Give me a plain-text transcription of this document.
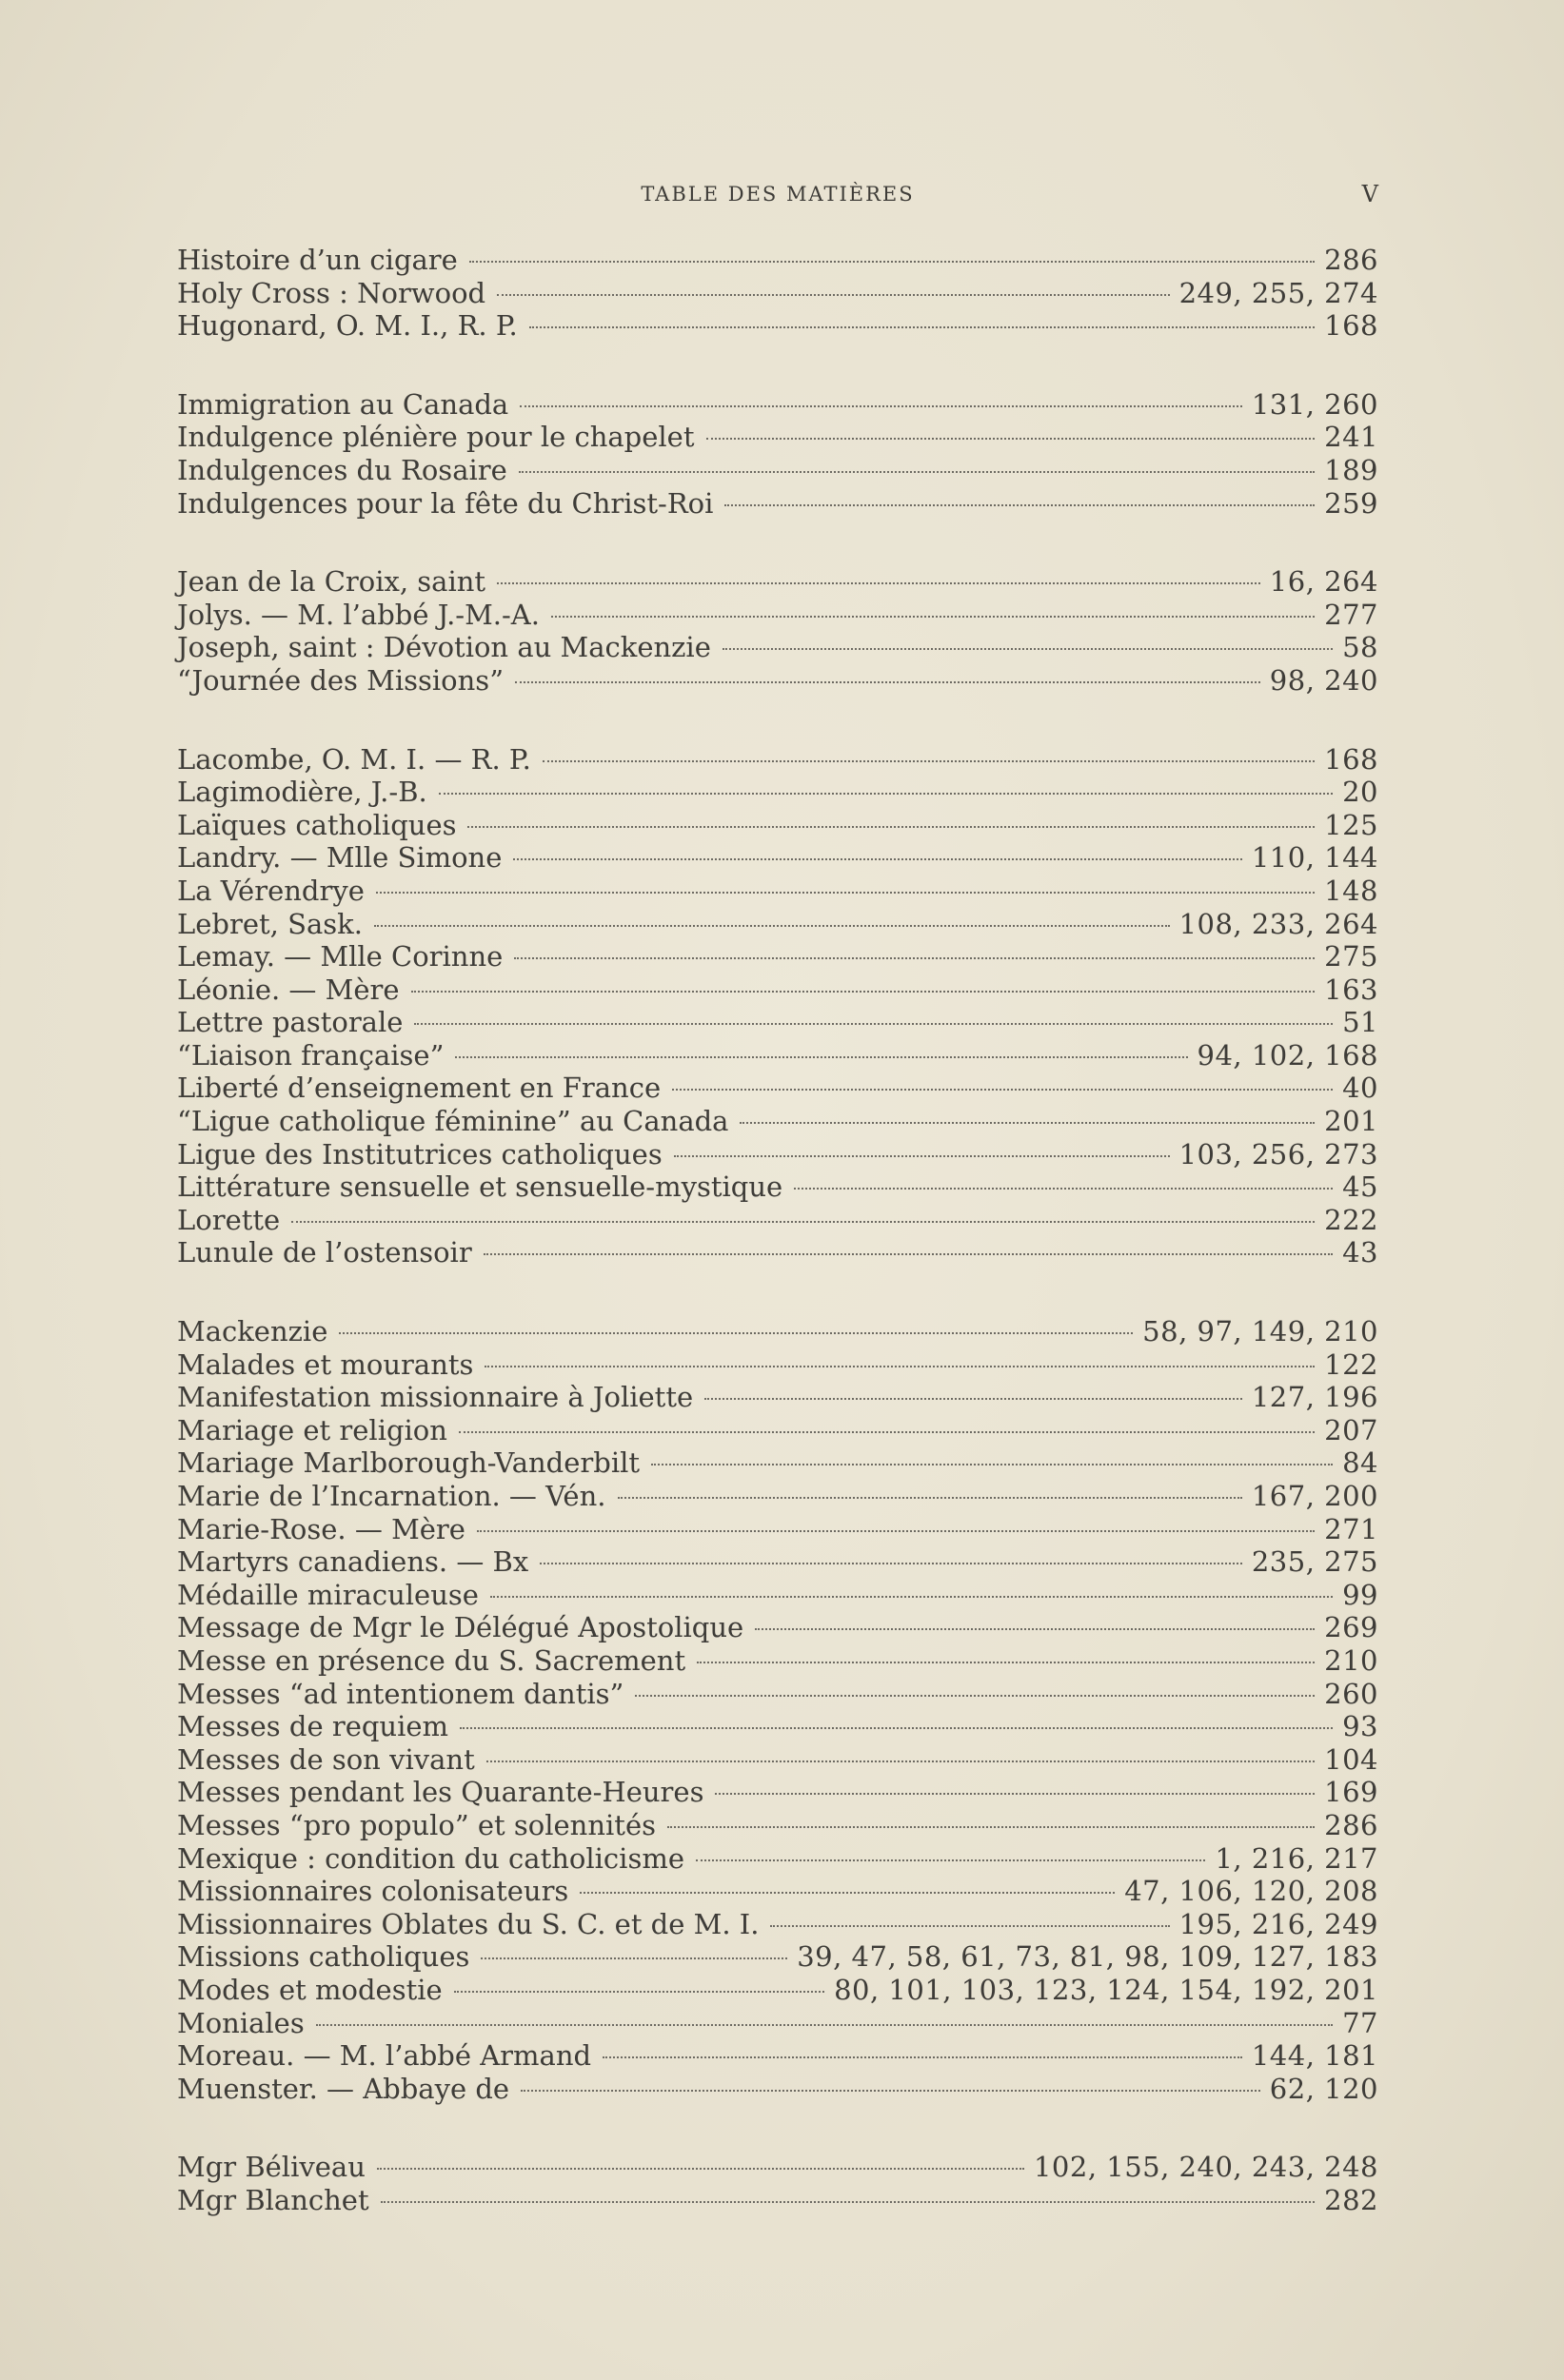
TABLE DES MATIÈRES	V
Histoire d’un cigare	286
Holy Cross : Norwood	249, 255, 274
Hugonard, O. M. I., R. P.	168
Immigration au Canada	131, 260
Indulgence plénière pour le chapelet	241
Indulgences du Rosaire	189
Indulgences pour la fête du Christ-Roi	259
Jean de la Croix, saint	16, 264
Jolys. — M. l’abbé J.-M.-A.	277
Joseph, saint : Dévotion au Mackenzie	58
“Journée des Missions”	98, 240
Lacombe, O. M. I. — R. P.	168
Lagimodière, J.-B.	20
Laïques catholiques	125
Landry. — Mlle Simone	110, 144
La Vérendrye	148
Lebret, Sask.	108, 233, 264
Lemay. — Mlle Corinne	275
Léonie. — Mère	163
Lettre pastorale	51
“Liaison française”	94, 102, 168
Liberté d’enseignement en France	40
“Ligue catholique féminine” au Canada	201
Ligue des Institutrices catholiques	103, 256, 273
Littérature sensuelle et sensuelle-mystique	45
Lorette	222
Lunule de l’ostensoir	43
Mackenzie	58, 97, 149, 210
Malades et mourants	122
Manifestation missionnaire à Joliette	127, 196
Mariage et religion	207
Mariage Marlborough-Vanderbilt	84
Marie de l’Incarnation. — Vén.	167, 200
Marie-Rose. — Mère	271
Martyrs canadiens. — Bx	235, 275
Médaille miraculeuse	99
Message de Mgr le Délégué Apostolique	269
Messe en présence du S. Sacrement	210
Messes “ad intentionem dantis”	260
Messes de requiem	93
Messes de son vivant	104
Messes pendant les Quarante-Heures	169
Messes “pro populo” et solennités	286
Mexique : condition du catholicisme	1, 216, 217
Missionnaires colonisateurs	47, 106, 120, 208
Missionnaires Oblates du S. C. et de M. I.	195, 216, 249
Missions catholiques	39, 47, 58, 61, 73, 81, 98, 109, 127, 183
Modes et modestie	80, 101, 103, 123, 124, 154, 192, 201
Moniales	77
Moreau. — M. l’abbé Armand	144, 181
Muenster. — Abbaye de	62, 120
Mgr Béliveau	102, 155, 240, 243, 248
Mgr Blanchet	282
